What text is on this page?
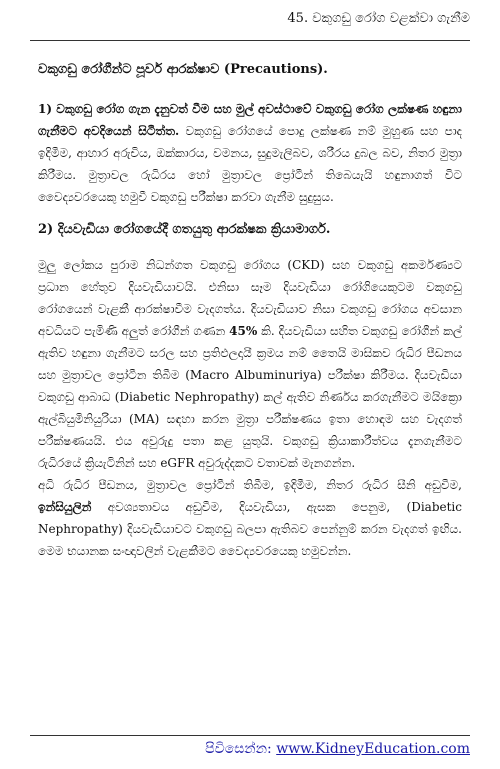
45. වකුගඩු රෝග වළක්වා ගැනීම
වකුගඩු රෝගීන්ට පූර්ව ආරක්ෂාව (Precautions).

1) වකුගඩු රෝග ගැන දැනුවත් වීම සහ මුල් අවස්ථාවේ වකුගඩු රෝග ලක්ෂණ හඳුනා ගැනීමට අවදියෙන් සිටීත්ත. වකුගඩු රෝගයේ පොදු ලක්ෂණ නම් මුහුණ සහ පාද ඉදිමීම, ආහාර අරුචිය, ඔක්කාරය, වමනය, සුදුමැලිබව, ශරීරය දුබල බව, නිතර මුත්‍රා කිරීමය. මුත්‍රාවල රුධිරය හෝ මුත්‍රාවල ප්‍රෝටීන් තිබෙයැයි හඳුනාගත් විට වෛද්‍යවරයෙකු හමුවී වකුගඩු පරීක්ෂා කරවා ගැනීම සුදුසුය.

2) දියවැඩියා රෝගයේදී ගතයුතු ආරක්ෂක ක්‍රියාමාර්ග.

මුලු ලෝකය පුරාම නිධන්ගත වකුගඩු රෝගය (CKD) සහ වකුගඩු අකර්මණ්‍යට ප්‍රධාන හේතුව දියවැඩියාවයි. එනිසා සෑම දියවැඩියා රෝගියෙකුටම වකුගඩු රෝගයෙන් වැළකී ආරක්ෂාවීම වැදගත්ය. දියවැඩියාව නිසා වකුගඩු රෝගය අවසාන අවධියට පැමිණි අලුත් රෝගීන් ගණන 45% කි. දියවැඩියා සහිත වකුගඩු රෝගීන් කල් ඇතිව හඳුනා ගැනීමට සරල සහ ප්‍රතිඵලදායී ක්‍රමය නම් තෛයි මාසිකව රුධිර පීඩනය සහ මුත්‍රාවල ප්‍රෝටීන තිබීම (Macro Albuminuriya) පරීක්ෂා කිරීමය. දියවැඩියා වකුගඩු ආබාධ (Diabetic Nephropathy) කල් ඇතිව නිර්ණය කරගැනීමට මයික්‍රො ඇල්බියුමිනියුරියා (MA) සඳහා කරන මුත්‍රා පරීක්ෂණය ඉතා හොඳම සහ වැදගත් පරීක්ෂණයයි. එය අවුරුදු පතා කළ යුතුයි. වකුගඩු ක්‍රියාකාරීත්වය දැනගැනීමට රුධිරයේ ක්‍රියැටිනින් සහ eGFR අවුරුද්දකට වතාවක් මැනගන්න.

අධි රුධිර පීඩනය, මුත්‍රාවල ප්‍රෝටීන් තිබීම, ඉදිමීම, නිතර රුධිර සීනි අඩුවීම, ඉන්සියුලින් අවශ්‍යතාවය අඩුවීම, දියවැඩියා, ඇසක පෙනුම, (Diabetic Nephropathy) දියවැඩියාවට වකුගඩු බලපා ඇතිබව පෙන්නුම් කරන වැදගත් ඉඟිය. මෙම භයානක සංඥාවලින් වැළකීමට වෛද්‍යවරයෙකු හමුවන්න.

පිවිසෙන්න: www.KidneyEducation.com
